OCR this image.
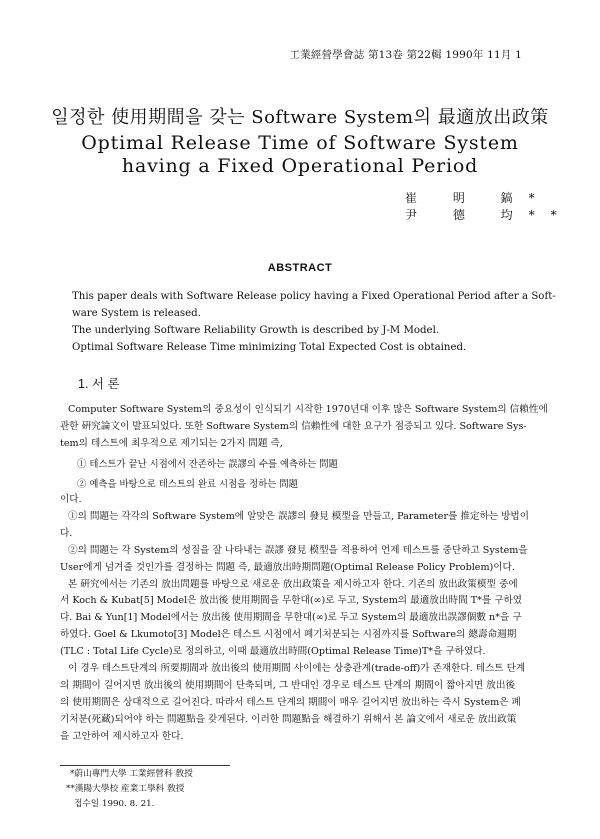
工業經營學會誌 第13卷 第22輯 1990年 11月 1
일정한 使用期間을 갖는 Software System의 最適放出政策
Optimal Release Time of Software System
having a Fixed Operational Period
崔 明 鎬*
尹 德 均**
ABSTRACT
This paper deals with Software Release policy having a Fixed Operational Period after a Soft-
ware System is released.
The underlying Software Reliability Growth is described by J-M Model.
Optimal Software Release Time minimizing Total Expected Cost is obtained.
1. 서 론
Computer Software System의 중요성이 인식되기 시작한 1970년대 이후 많은 Software System의 信賴性에
관한 硏究論文이 발표되었다. 또한 Software System의 信賴性에 대한 요구가 점증되고 있다. Software Sys-
tem의 테스트에 최우적으로 제기되는 2가지 問題 즉,
① 테스트가 끝난 시점에서 잔존하는 誤謬의 수를 예측하는 問題
② 예측을 바탕으로 테스트의 완료 시점을 정하는 問題
이다.
①의 問題는 각각의 Software System에 알맞은 誤謬의 發見 模型을 만들고, Parameter를 推定하는 방법이
다.
②의 問題는 각 System의 성질을 잘 나타내는 誤謬 發見 模型을 적용하여 언제 테스트를 중단하고 System을
User에게 넘겨줄 것인가를 결정하는 問題 즉, 最適放出時期問題(Optimal Release Policy Problem)이다.
본 硏究에서는 기존의 放出問題를 바탕으로 새로운 放出政策을 제시하고자 한다. 기존의 放出政策模型 중에
서 Koch & Kubat[5] Model은 放出後 使用期間을 무한대(∞)로 두고, System의 最適放出時間 T*를 구하였
다. Bai & Yun[1] Model에서는 放出後 使用期間을 무한대(∞)로 두고 System의 最適放出誤謬個數 n*을 구
하였다. Goel & Lkumoto[3] Model은 테스트 시점에서 폐기처분되는 시점까지를 Software의 總壽命週期
(TLC : Total Life Cycle)로 정의하고, 이때 最適放出時間(Optimal Release Time)T*을 구하였다.
이 경우 테스트단계의 所要期間과 放出後의 使用期間 사이에는 상충관계(trade-off)가 존재한다. 테스트 단계
의 期間이 길어지면 放出後의 使用期間이 단축되며, 그 반대인 경우로 테스트 단계의 期間이 짧아지면 放出後
의 使用期間은 상대적으로 길어진다. 따라서 테스트 단계의 期間이 매우 길어지면 放出하는 즉시 System은 폐
기처분(死藏)되어야 하는 問題點을 갖게된다. 이러한 問題點을 해결하기 위해서 본 論文에서 새로운 放出政策
을 고안하여 제시하고자 한다.
*蔚山專門大學 工業經營科 敎授
**漢陽大學校 産業工學科 敎授
접수일 1990. 8. 21.
